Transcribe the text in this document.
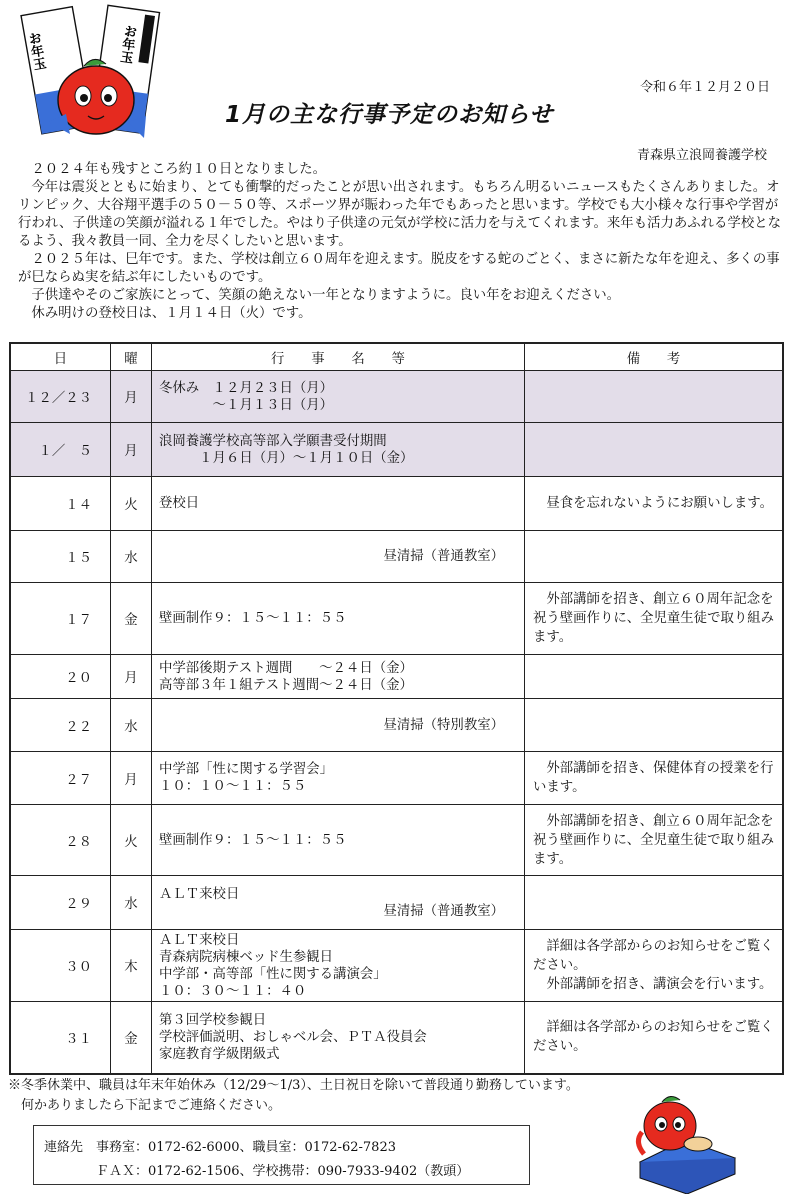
お年玉	お年玉
令和６年１２月２０日
1月の主な行事予定のお知らせ
青森県立浪岡養護学校

　２０２４年も残すところ約１０日となりました。

　今年は震災とともに始まり、とても衝撃的だったことが思い出されます。もちろん明るいニュースもたくさんありました。オリンピック、大谷翔平選手の５０－５０等、スポーツ界が賑わった年でもあったと思います。学校でも大小様々な行事や学習が行われ、子供達の笑顔が溢れる１年でした。やはり子供達の元気が学校に活力を与えてくれます。来年も活力あふれる学校となるよう、我々教員一同、全力を尽くしたいと思います。

　２０２５年は、巳年です。また、学校は創立６０周年を迎えます。脱皮をする蛇のごとく、まさに新たな年を迎え、多くの事が巳ならぬ実を結ぶ年にしたいものです。

　子供達やそのご家族にとって、笑顔の絶えない一年となりますように。良い年をお迎えください。

　休み明けの登校日は、１月１４日（火）です。

日	曜	行　　事　　名　　等	備　　考
１２／２３	月	冬休み　１２月２３日（月）
　　　　～１月１３日（月）	

１／　５	月	浪岡養護学校高等部入学願書受付期間
　　　１月６日（月）～１月１０日（金）	

１４	火	登校日	　昼食を忘れないようにお願いします。
１５	水	昼清掃（普通教室）	

１７	金	壁画制作９：１５～１１：５５	　外部講師を招き、創立６０周年記念を祝う壁画作りに、全児童生徒で取り組みます。
２０	月	中学部後期テスト週間　　～２４日（金）
高等部３年１組テスト週間～２４日（金）	

２２	水	昼清掃（特別教室）	

２７	月	中学部「性に関する学習会」
１０：１０～１１：５５	　外部講師を招き、保健体育の授業を行います。
２８	火	壁画制作９：１５～１１：５５	　外部講師を招き、創立６０周年記念を祝う壁画作りに、全児童生徒で取り組みます。
２９	水	ＡＬＴ来校日
昼清掃（普通教室）	

３０	木	ＡＬＴ来校日
青森病院病棟ベッド生参観日
中学部・高等部「性に関する講演会」
１０：３０～１１：４０	　詳細は各学部からのお知らせをご覧ください。
　外部講師を招き、講演会を行います。
３１	金	第３回学校参観日
学校評価説明、おしゃベル会、ＰＴＡ役員会
家庭教育学級閉級式	　詳細は各学部からのお知らせをご覧ください。
※冬季休業中、職員は年末年始休み（12/29～1/3）、土日祝日を除いて普段通り勤務しています。
　何かありましたら下記までご連絡ください。
連絡先　事務室：0172-62-6000、職員室：0172-62-7823
　　　　ＦＡＸ：0172-62-1506、学校携帯：090-7933-9402（教頭）
